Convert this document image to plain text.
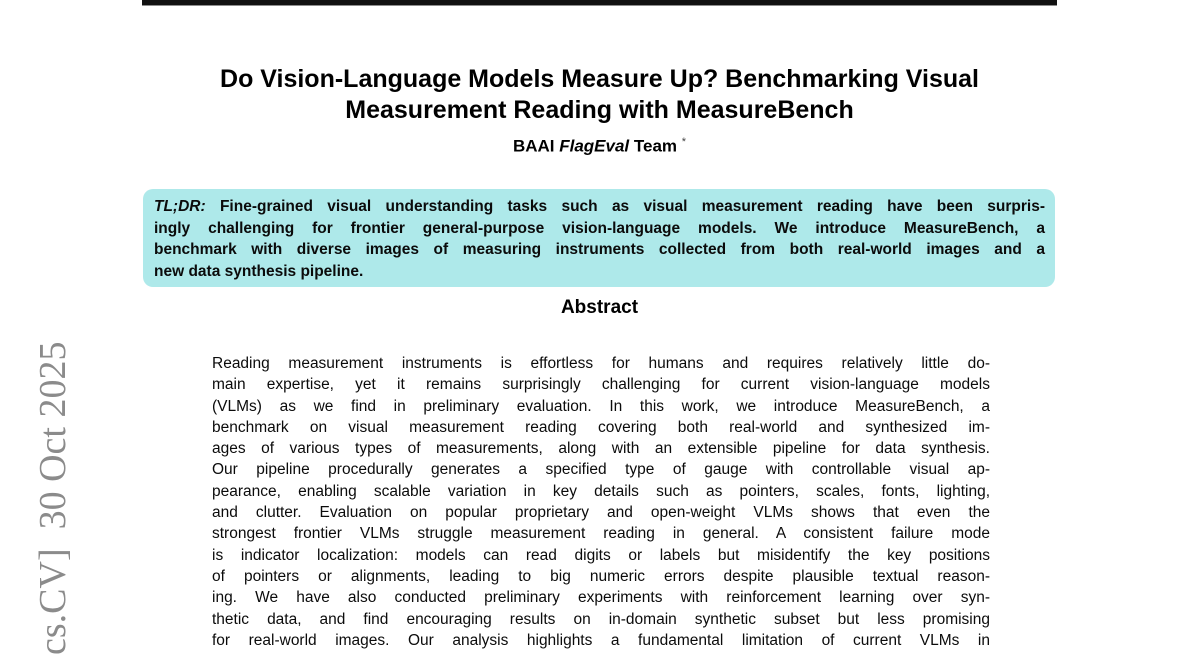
cs.CV]  30 Oct 2025
Do Vision-Language Models Measure Up? Benchmarking Visual
Measurement Reading with MeasureBench
BAAI FlagEval Team *
TL;DR: Fine-grained visual understanding tasks such as visual measurement reading have been surpris-
ingly challenging for frontier general-purpose vision-language models. We introduce MeasureBench, a
benchmark with diverse images of measuring instruments collected from both real-world images and a
new data synthesis pipeline.
Abstract
Reading measurement instruments is effortless for humans and requires relatively little do-
main expertise, yet it remains surprisingly challenging for current vision-language models
(VLMs) as we find in preliminary evaluation. In this work, we introduce MeasureBench, a
benchmark on visual measurement reading covering both real-world and synthesized im-
ages of various types of measurements, along with an extensible pipeline for data synthesis.
Our pipeline procedurally generates a specified type of gauge with controllable visual ap-
pearance, enabling scalable variation in key details such as pointers, scales, fonts, lighting,
and clutter. Evaluation on popular proprietary and open-weight VLMs shows that even the
strongest frontier VLMs struggle measurement reading in general. A consistent failure mode
is indicator localization: models can read digits or labels but misidentify the key positions
of pointers or alignments, leading to big numeric errors despite plausible textual reason-
ing. We have also conducted preliminary experiments with reinforcement learning over syn-
thetic data, and find encouraging results on in-domain synthetic subset but less promising
for real-world images. Our analysis highlights a fundamental limitation of current VLMs in
